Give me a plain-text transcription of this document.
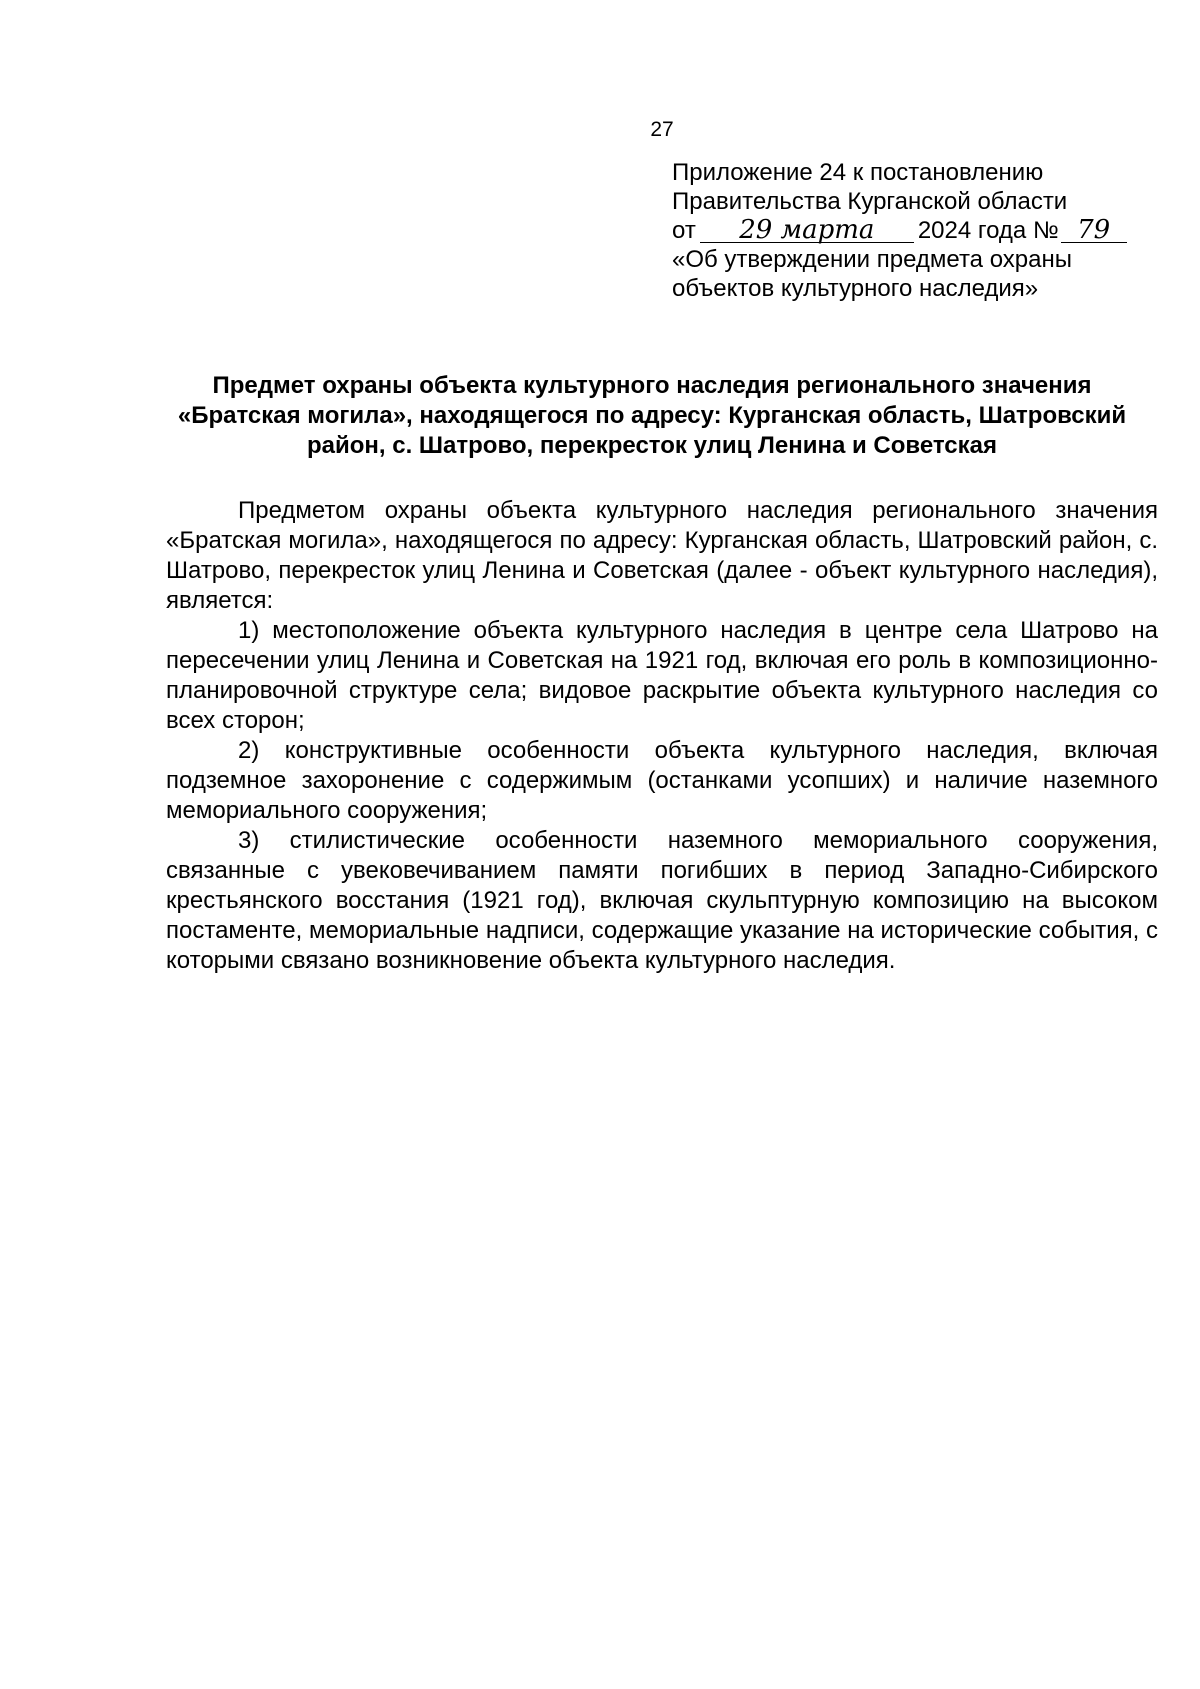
27
Приложение 24 к постановлению
Правительства Курганской области
от 29 марта 2024 года № 79
«Об утверждении предмета охраны
объектов культурного наследия»
Предмет охраны объекта культурного наследия регионального значения «Братская могила», находящегося по адресу: Курганская область, Шатровский район, с. Шатрово, перекресток улиц Ленина и Советская

Предметом охраны объекта культурного наследия регионального значения «Братская могила», находящегося по адресу: Курганская область, Шатровский район, с. Шатрово, перекресток улиц Ленина и Советская (далее - объект культурного наследия), является:

1) местоположение объекта культурного наследия в центре села Шатрово на пересечении улиц Ленина и Советская на 1921 год, включая его роль в композиционно-планировочной структуре села; видовое раскрытие объекта культурного наследия со всех сторон;

2) конструктивные особенности объекта культурного наследия, включая подземное захоронение с содержимым (останками усопших) и наличие наземного мемориального сооружения;

3) стилистические особенности наземного мемориального сооружения, связанные с увековечиванием памяти погибших в период Западно-Сибирского крестьянского восстания (1921 год), включая скульптурную композицию на высоком постаменте, мемориальные надписи, содержащие указание на исторические события, с которыми связано возникновение объекта культурного наследия.
